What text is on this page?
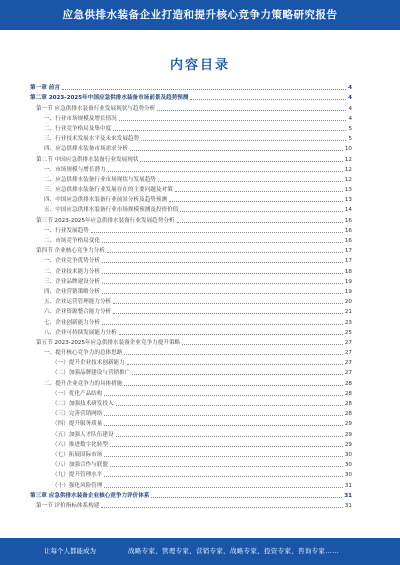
应急供排水装备企业打造和提升核心竞争力策略研究报告
内容目录
第一章 前言	4
第二章 2023-2025年中国应急供排水装备市场前景及趋势预测	4
第一节 应急供排水装备行业发展现状与趋势分析	4
一、行业市场规模及增长情况	4
二、行业竞争格局及集中度	5
三、行业技术发展水平及未来发展趋势	5
四、应急供排水装备市场需求分析	10
第二节 中国应急供排水装备行业发展现状	12
一、市场规模与增长潜力	12
二、应急供排水装备行业市场现状与发展趋势	12
三、应急供排水装备行业发展存在的主要问题及对策	13
四、中国应急供排水装备行业前景分析及趋势预测	13
五、中国应急供排水装备行业市场规模预测及投资价值	14
第三节 2023-2025年应急供排水装备行业发展趋势分析	16
一、行业发展趋势	16
二、市场竞争格局变化	16
第四节 企业核心竞争力分析	17
一、企业竞争优势分析	17
二、企业技术能力分析	18
三、企业品牌建设分析	19
四、企业营销策略分析	19
五、企业运营管理能力分析	20
六、企业资源整合能力分析	21
七、企业创新能力分析	23
八、企业可持续发展能力分析	25
第五节 2023-2025年应急供排水装备企业竞争力提升策略	27
一、提升核心竞争力的总体思路	27
（一）提升企业技术创新能力	27
（二）加强品牌建设与营销推广	27
二、提升企业竞争力的具体措施	28
（一）优化产品结构	28
（二）加强技术研发投入	28
（三）完善营销网络	28
（四）提升服务质量	29
（五）加强人才队伍建设	29
（六）推进数字化转型	29
（七）拓展国际市场	30
（八）加强合作与联盟	30
（九）提升管理水平	30
（十）强化风险管理	31
第三章 应急供排水装备企业核心竞争力评价体系	31
第一节 评价指标体系构建	31
让每个人都能成为	战略专家、管理专家、营销专家、战略专家、投资专家、咨询专家……
